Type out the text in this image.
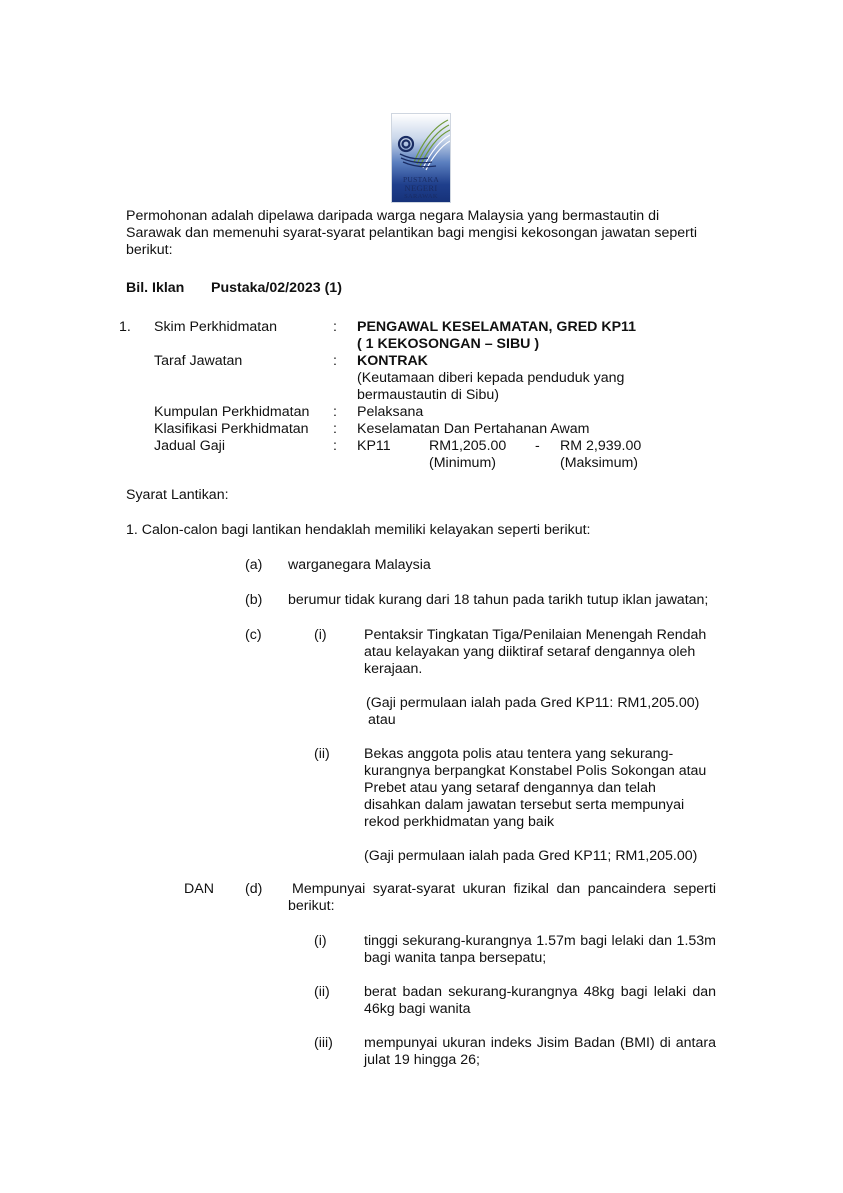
PUSTAKA
NEGERI
SARAWAK
Permohonan adalah dipelawa daripada warga negara Malaysia yang bermastautin di
Sarawak dan memenuhi syarat-syarat pelantikan bagi mengisi kekosongan jawatan seperti
berikut:
Bil. Iklan Pustaka/02/2023 (1)
1. Skim Perkhidmatan	: PENGAWAL KESELAMATAN, GRED KP11
( 1 KEKOSONGAN – SIBU )
Taraf Jawatan	: KONTRAK
(Keutamaan diberi kepada penduduk yang
bermaustautin di Sibu)
Kumpulan Perkhidmatan : Pelaksana
Klasifikasi Perkhidmatan : Keselamatan Dan Pertahanan Awam
Jadual Gaji	: KP11	RM1,205.00 - RM 2,939.00
(Minimum)	(Maksimum)
Syarat Lantikan:
1. Calon-calon bagi lantikan hendaklah memiliki kelayakan seperti berikut:
(a) warganegara Malaysia
(b) berumur tidak kurang dari 18 tahun pada tarikh tutup iklan jawatan;
(c)	(i)	Pentaksir Tingkatan Tiga/Penilaian Menengah Rendah
atau kelayakan yang diiktiraf setaraf dengannya oleh
kerajaan.
(Gaji permulaan ialah pada Gred KP11: RM1,205.00)
atau
(ii) Bekas anggota polis atau tentera yang sekurang-
kurangnya berpangkat Konstabel Polis Sokongan atau
Prebet atau yang setaraf dengannya dan telah
disahkan dalam jawatan tersebut serta mempunyai
rekod perkhidmatan yang baik
(Gaji permulaan ialah pada Gred KP11; RM1,205.00)
DAN (d) Mempunyai syarat-syarat ukuran fizikal dan pancaindera seperti berikut:
(i)	tinggi sekurang-kurangnya 1.57m bagi lelaki dan 1.53m bagi wanita tanpa bersepatu;
(ii) berat badan sekurang-kurangnya 48kg bagi lelaki dan 46kg bagi wanita
(iii) mempunyai ukuran indeks Jisim Badan (BMI) di antara julat 19 hingga 26;
